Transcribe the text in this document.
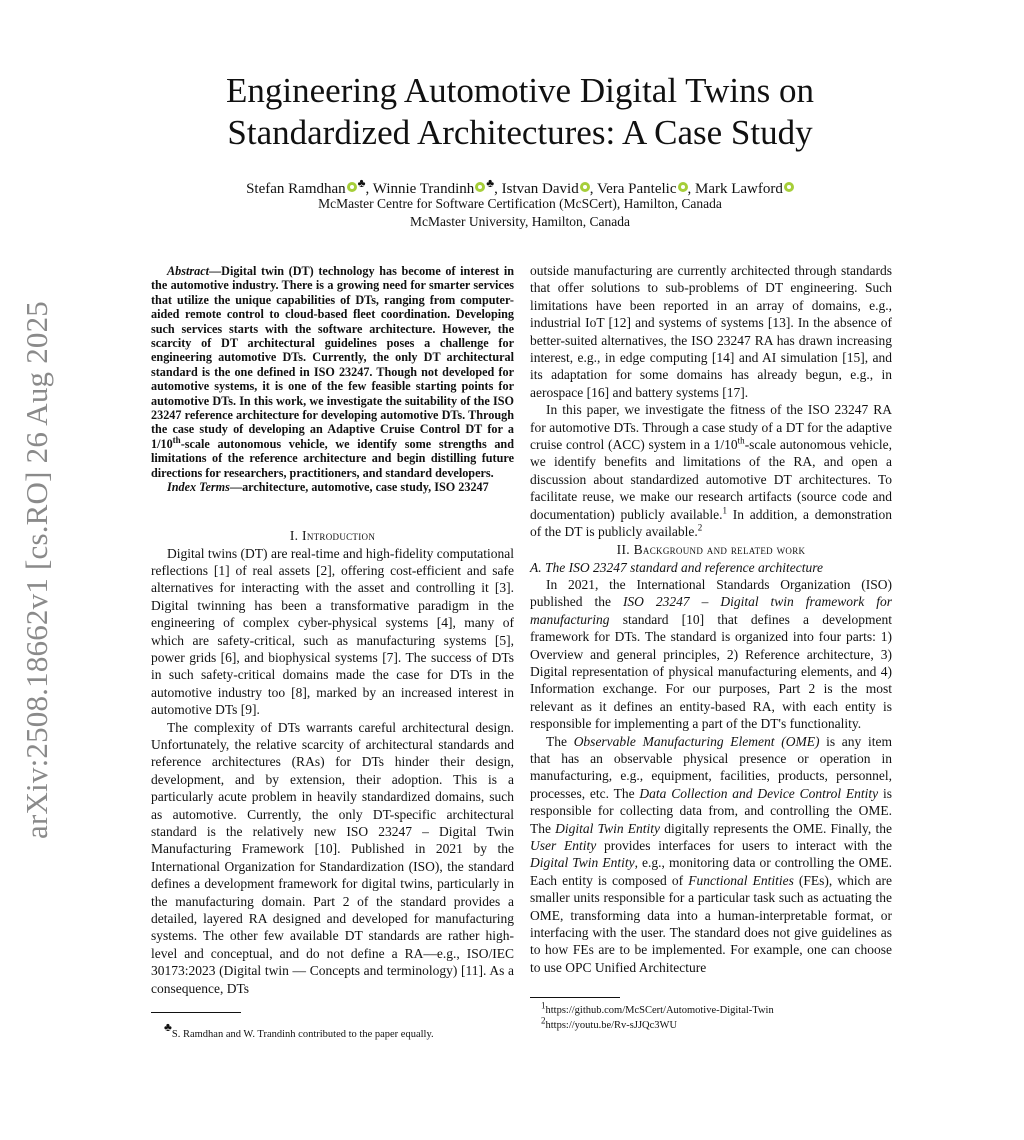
arXiv:2508.18662v1 [cs.RO] 26 Aug 2025
Engineering Automotive Digital Twins on
Standardized Architectures: A Case Study
Stefan Ramdhan ♣, Winnie Trandinh ♣, Istvan David , Vera Pantelic , Mark Lawford
McMaster Centre for Software Certification (McSCert), Hamilton, Canada
McMaster University, Hamilton, Canada

Abstract—Digital twin (DT) technology has become of interest in the automotive industry. There is a growing need for smarter services that utilize the unique capabilities of DTs, ranging from computer-aided remote control to cloud-based fleet coordination. Developing such services starts with the software architecture. However, the scarcity of DT architectural guidelines poses a challenge for engineering automotive DTs. Currently, the only DT architectural standard is the one defined in ISO 23247. Though not developed for automotive systems, it is one of the few feasible starting points for automotive DTs. In this work, we investigate the suitability of the ISO 23247 reference architecture for developing automotive DTs. Through the case study of developing an Adaptive Cruise Control DT for a 1/10th-scale autonomous vehicle, we identify some strengths and limitations of the reference architecture and begin distilling future directions for researchers, practitioners, and standard developers.

Index Terms—architecture, automotive, case study, ISO 23247

I. Introduction

Digital twins (DT) are real-time and high-fidelity computational reflections [1] of real assets [2], offering cost-efficient and safe alternatives for interacting with the asset and controlling it [3]. Digital twinning has been a transformative paradigm in the engineering of complex cyber-physical systems [4], many of which are safety-critical, such as manufacturing systems [5], power grids [6], and biophysical systems [7]. The success of DTs in such safety-critical domains made the case for DTs in the automotive industry too [8], marked by an increased interest in automotive DTs [9].

The complexity of DTs warrants careful architectural design. Unfortunately, the relative scarcity of architectural standards and reference architectures (RAs) for DTs hinder their design, development, and by extension, their adoption. This is a particularly acute problem in heavily standardized domains, such as automotive. Currently, the only DT-specific architectural standard is the relatively new ISO 23247 – Digital Twin Manufacturing Framework [10]. Published in 2021 by the International Organization for Standardization (ISO), the standard defines a development framework for digital twins, particularly in the manufacturing domain. Part 2 of the standard provides a detailed, layered RA designed and developed for manufacturing systems. The other few available DT standards are rather high-level and conceptual, and do not define a RA—e.g., ISO/IEC 30173:2023 (Digital twin — Concepts and terminology) [11]. As a consequence, DTs

♣S. Ramdhan and W. Trandinh contributed to the paper equally.

outside manufacturing are currently architected through standards that offer solutions to sub-problems of DT engineering. Such limitations have been reported in an array of domains, e.g., industrial IoT [12] and systems of systems [13]. In the absence of better-suited alternatives, the ISO 23247 RA has drawn increasing interest, e.g., in edge computing [14] and AI simulation [15], and its adaptation for some domains has already begun, e.g., in aerospace [16] and battery systems [17].

In this paper, we investigate the fitness of the ISO 23247 RA for automotive DTs. Through a case study of a DT for the adaptive cruise control (ACC) system in a 1/10th-scale autonomous vehicle, we identify benefits and limitations of the RA, and open a discussion about standardized automotive DT architectures. To facilitate reuse, we make our research artifacts (source code and documentation) publicly available.$^1$ In addition, a demonstration of the DT is publicly available.$^2$

II. Background and related work

A. The ISO 23247 standard and reference architecture

In 2021, the International Standards Organization (ISO) published the ISO 23247 – Digital twin framework for manufacturing standard [10] that defines a development framework for DTs. The standard is organized into four parts: 1) Overview and general principles, 2) Reference architecture, 3) Digital representation of physical manufacturing elements, and 4) Information exchange. For our purposes, Part 2 is the most relevant as it defines an entity-based RA, with each entity is responsible for implementing a part of the DT's functionality.

The Observable Manufacturing Element (OME) is any item that has an observable physical presence or operation in manufacturing, e.g., equipment, facilities, products, personnel, processes, etc. The Data Collection and Device Control Entity is responsible for collecting data from, and controlling the OME. The Digital Twin Entity digitally represents the OME. Finally, the User Entity provides interfaces for users to interact with the Digital Twin Entity, e.g., monitoring data or controlling the OME. Each entity is composed of Functional Entities (FEs), which are smaller units responsible for a particular task such as actuating the OME, transforming data into a human-interpretable format, or interfacing with the user. The standard does not give guidelines as to how FEs are to be implemented. For example, one can choose to use OPC Unified Architecture

$^1$https://github.com/McSCert/Automotive-Digital-Twin
$^2$https://youtu.be/Rv-sJJQc3WU
